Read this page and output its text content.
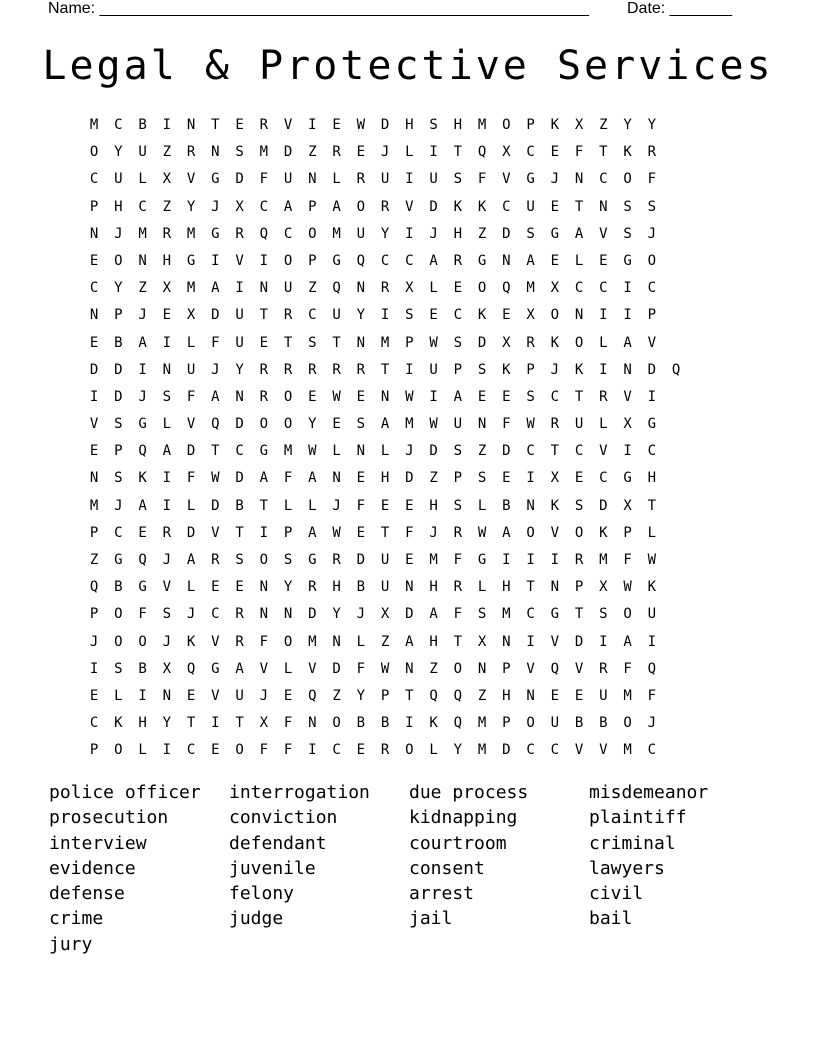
Name: _______________________________________________________ Date: _______
Legal & Protective Services
M	C	B	I	N	T	E	R	V	I	E	W	D	H	S	H	M	O	P	K	X	Z	Y	Y
O	Y	U	Z	R	N	S	M	D	Z	R	E	J	L	I	T	Q	X	C	E	F	T	K	R
C	U	L	X	V	G	D	F	U	N	L	R	U	I	U	S	F	V	G	J	N	C	O	F
P	H	C	Z	Y	J	X	C	A	P	A	O	R	V	D	K	K	C	U	E	T	N	S	S
N	J	M	R	M	G	R	Q	C	O	M	U	Y	I	J	H	Z	D	S	G	A	V	S	J
E	O	N	H	G	I	V	I	O	P	G	Q	C	C	A	R	G	N	A	E	L	E	G	O
C	Y	Z	X	M	A	I	N	U	Z	Q	N	R	X	L	E	O	Q	M	X	C	C	I	C
N	P	J	E	X	D	U	T	R	C	U	Y	I	S	E	C	K	E	X	O	N	I	I	P
E	B	A	I	L	F	U	E	T	S	T	N	M	P	W	S	D	X	R	K	O	L	A	V
D	D	I	N	U	J	Y	R	R	R	R	R	T	I	U	P	S	K	P	J	K	I	N	D	Q
I	D	J	S	F	A	N	R	O	E	W	E	N	W	I	A	E	E	S	C	T	R	V	I
V	S	G	L	V	Q	D	O	O	Y	E	S	A	M	W	U	N	F	W	R	U	L	X	G
E	P	Q	A	D	T	C	G	M	W	L	N	L	J	D	S	Z	D	C	T	C	V	I	C
N	S	K	I	F	W	D	A	F	A	N	E	H	D	Z	P	S	E	I	X	E	C	G	H
M	J	A	I	L	D	B	T	L	L	J	F	E	E	H	S	L	B	N	K	S	D	X	T
P	C	E	R	D	V	T	I	P	A	W	E	T	F	J	R	W	A	O	V	O	K	P	L
Z	G	Q	J	A	R	S	O	S	G	R	D	U	E	M	F	G	I	I	I	R	M	F	W
Q	B	G	V	L	E	E	N	Y	R	H	B	U	N	H	R	L	H	T	N	P	X	W	K
P	O	F	S	J	C	R	N	N	D	Y	J	X	D	A	F	S	M	C	G	T	S	O	U
J	O	O	J	K	V	R	F	O	M	N	L	Z	A	H	T	X	N	I	V	D	I	A	I
I	S	B	X	Q	G	A	V	L	V	D	F	W	N	Z	O	N	P	V	Q	V	R	F	Q
E	L	I	N	E	V	U	J	E	Q	Z	Y	P	T	Q	Q	Z	H	N	E	E	U	M	F
C	K	H	Y	T	I	T	X	F	N	O	B	B	I	K	Q	M	P	O	U	B	B	O	J
P	O	L	I	C	E	O	F	F	I	C	E	R	O	L	Y	M	D	C	C	V	V	M	C
police officer	interrogation	due process	misdemeanor
prosecution	conviction	kidnapping	plaintiff
interview	defendant	courtroom	criminal
evidence	juvenile	consent	lawyers
defense	felony	arrest	civil
crime	judge	jail	bail
jury
